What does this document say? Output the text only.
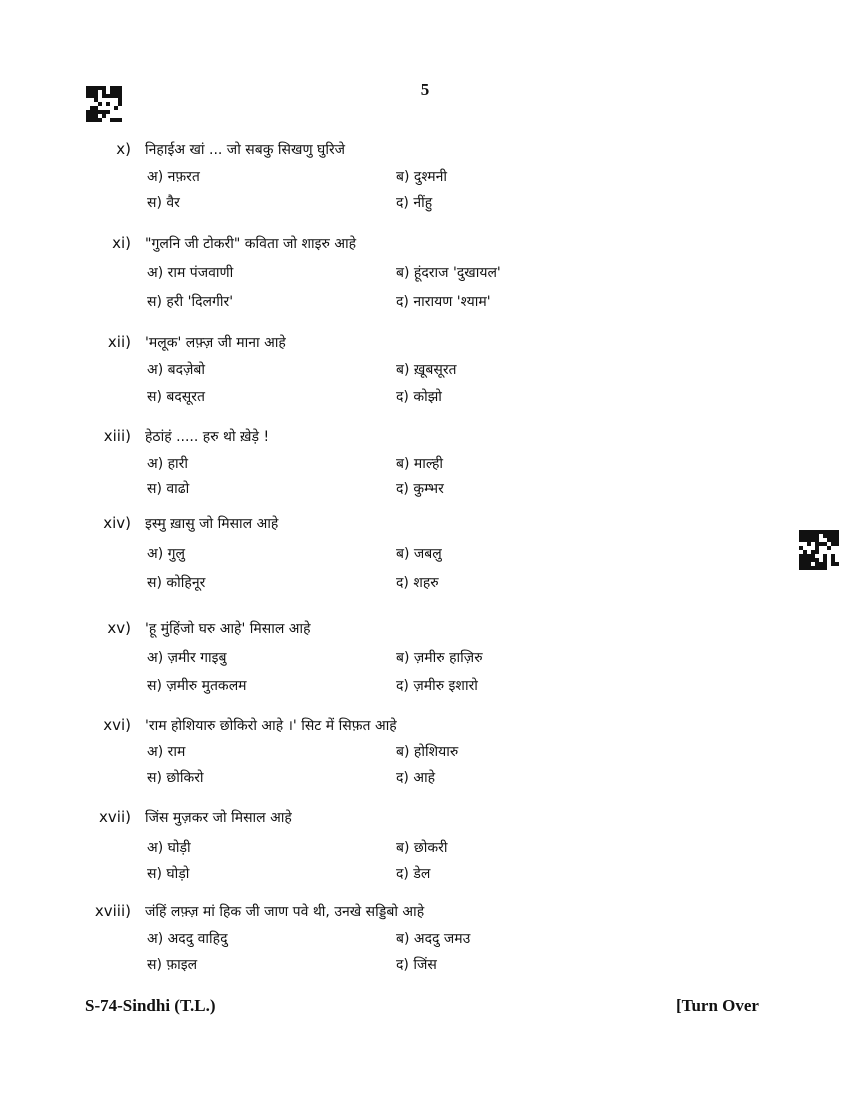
5
x) निहाईअ खां ... जो सबकु सिखणु घुरिजे
अ) नफ़रत	ब) दुश्मनी
स) वैर	द) नींहु
xi) "गुलनि जी टोकरी" कविता जो शाइरु आहे
अ) राम पंजवाणी	ब) हूंदराज 'दुखायल'
स) हरी 'दिलगीर'	द) नारायण 'श्याम'
xii) 'मलूक' लफ़्ज़ जी माना आहे
अ) बदज़ेबो	ब) ख़ूबसूरत
स) बदसूरत	द) कोझो
xiii) हेठांहं ..... हरु थो ख़ेड़े !
अ) हारी	ब) माल्ही
स) वाढो	द) कुम्भर
xiv) इस्मु ख़ासु जो मिसाल आहे
अ) गुलु	ब) जबलु
स) कोहिनूर	द) शहरु
xv) 'हू मुंहिंजो घरु आहे' मिसाल आहे
अ) ज़मीर गाइबु	ब) ज़मीरु हाज़िरु
स) ज़मीरु मुतकलम	द) ज़मीरु इशारो
xvi) 'राम होशियारु छोकिरो आहे ।' सिट में सिफ़त आहे
अ) राम	ब) होशियारु
स) छोकिरो	द) आहे
xvii) जिंस मुज़कर जो मिसाल आहे
अ) घोड़ी	ब) छोकरी
स) घोड़ो	द) डेल
xviii) जंहिं लफ़्ज़ मां हिक जी जाण पवे थी, उनखे सड्डिबो आहे
अ) अददु वाहिदु	ब) अददु जमउ
स) फ़ाइल	द) जिंस
S-74-Sindhi (T.L.)	[Turn Over
